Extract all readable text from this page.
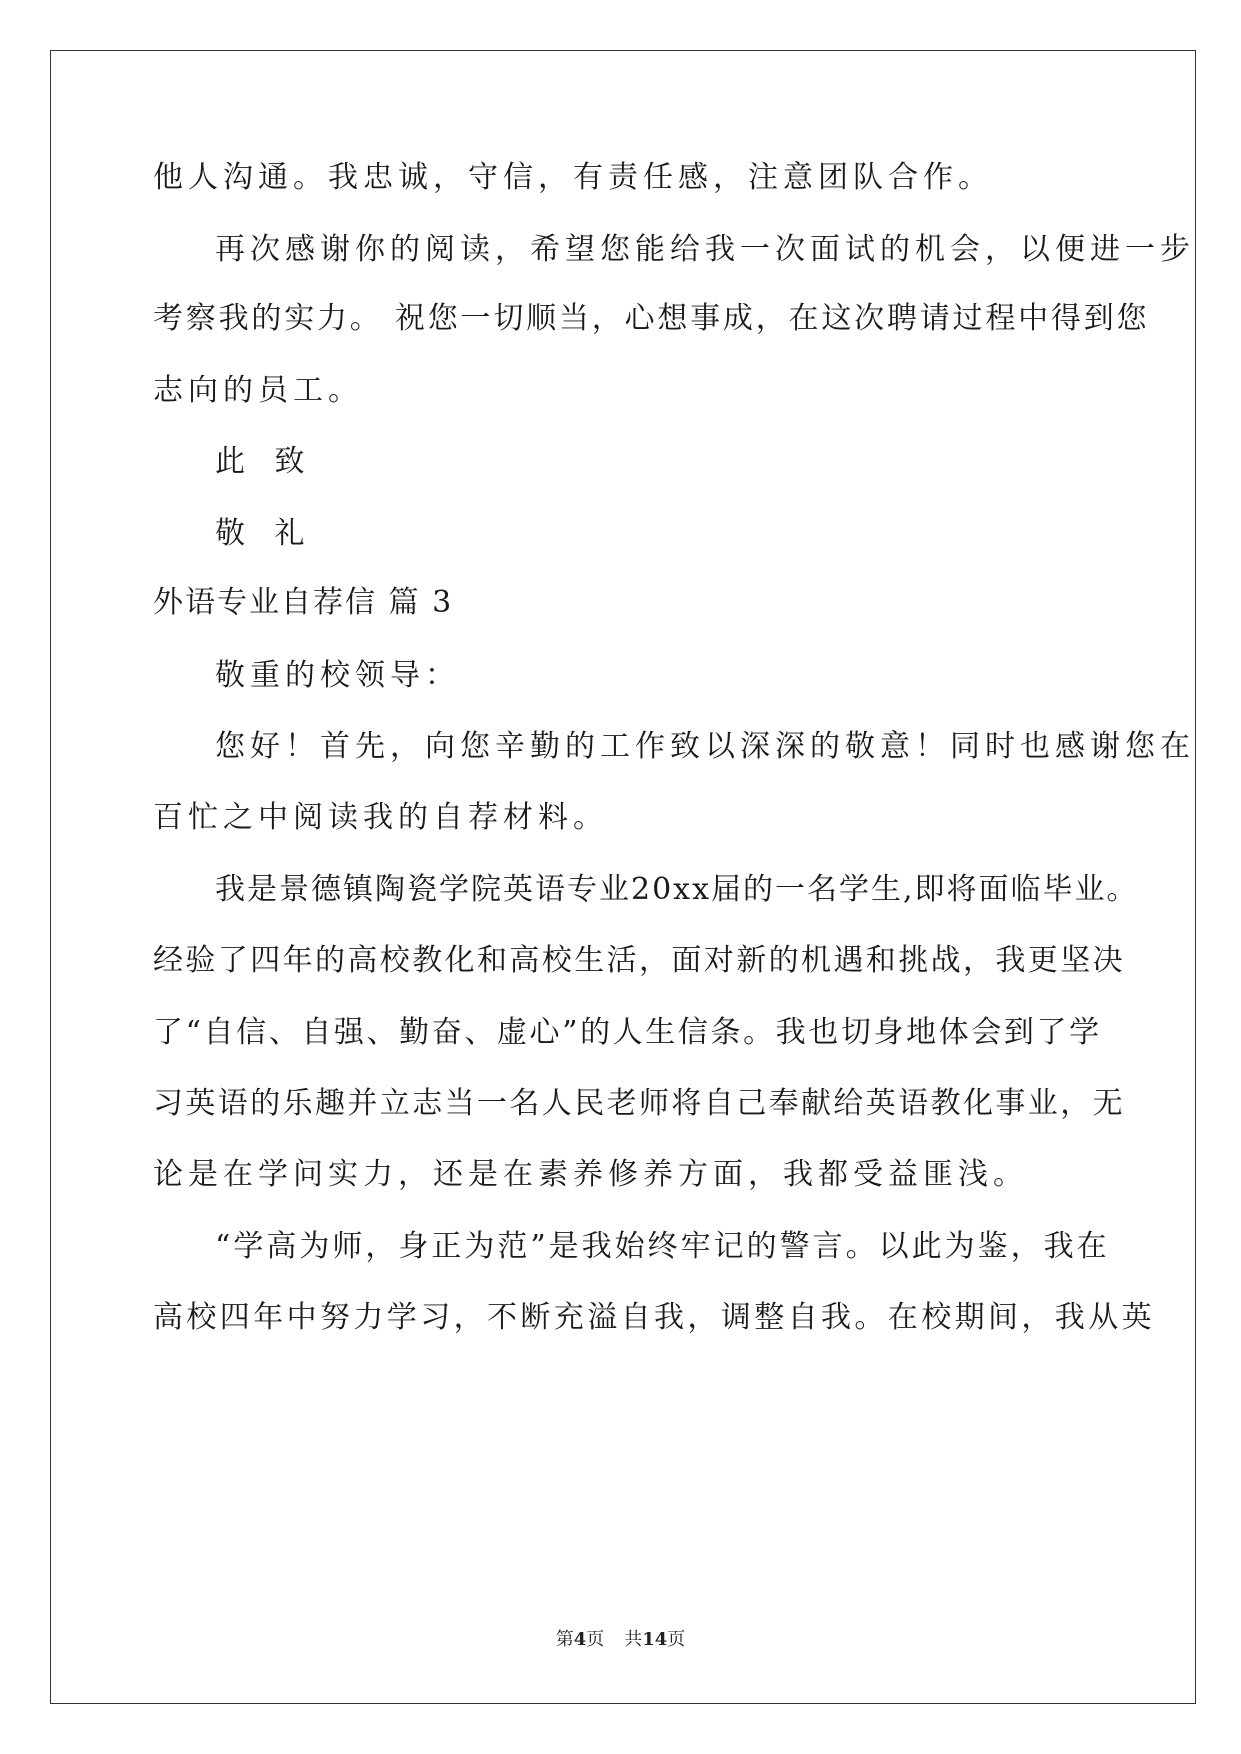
他人沟通。我忠诚，守信，有责任感，注意团队合作。
再次感谢你的阅读，希望您能给我一次面试的机会，以便进一步
考察我的实力。 祝您一切顺当，心想事成，在这次聘请过程中得到您
志向的员工。
此 致
敬 礼
外语专业自荐信 篇 3
敬重的校领导：
您好！首先，向您辛勤的工作致以深深的敬意！同时也感谢您在
百忙之中阅读我的自荐材料。
我是景德镇陶瓷学院英语专业20xx届的一名学生,即将面临毕业。
经验了四年的高校教化和高校生活，面对新的机遇和挑战，我更坚决
了“自信、自强、勤奋、虚心”的人生信条。我也切身地体会到了学
习英语的乐趣并立志当一名人民老师将自己奉献给英语教化事业，无
论是在学问实力，还是在素养修养方面，我都受益匪浅。
“学高为师，身正为范”是我始终牢记的警言。以此为鉴，我在
高校四年中努力学习，不断充溢自我，调整自我。在校期间，我从英
第4页 共14页
